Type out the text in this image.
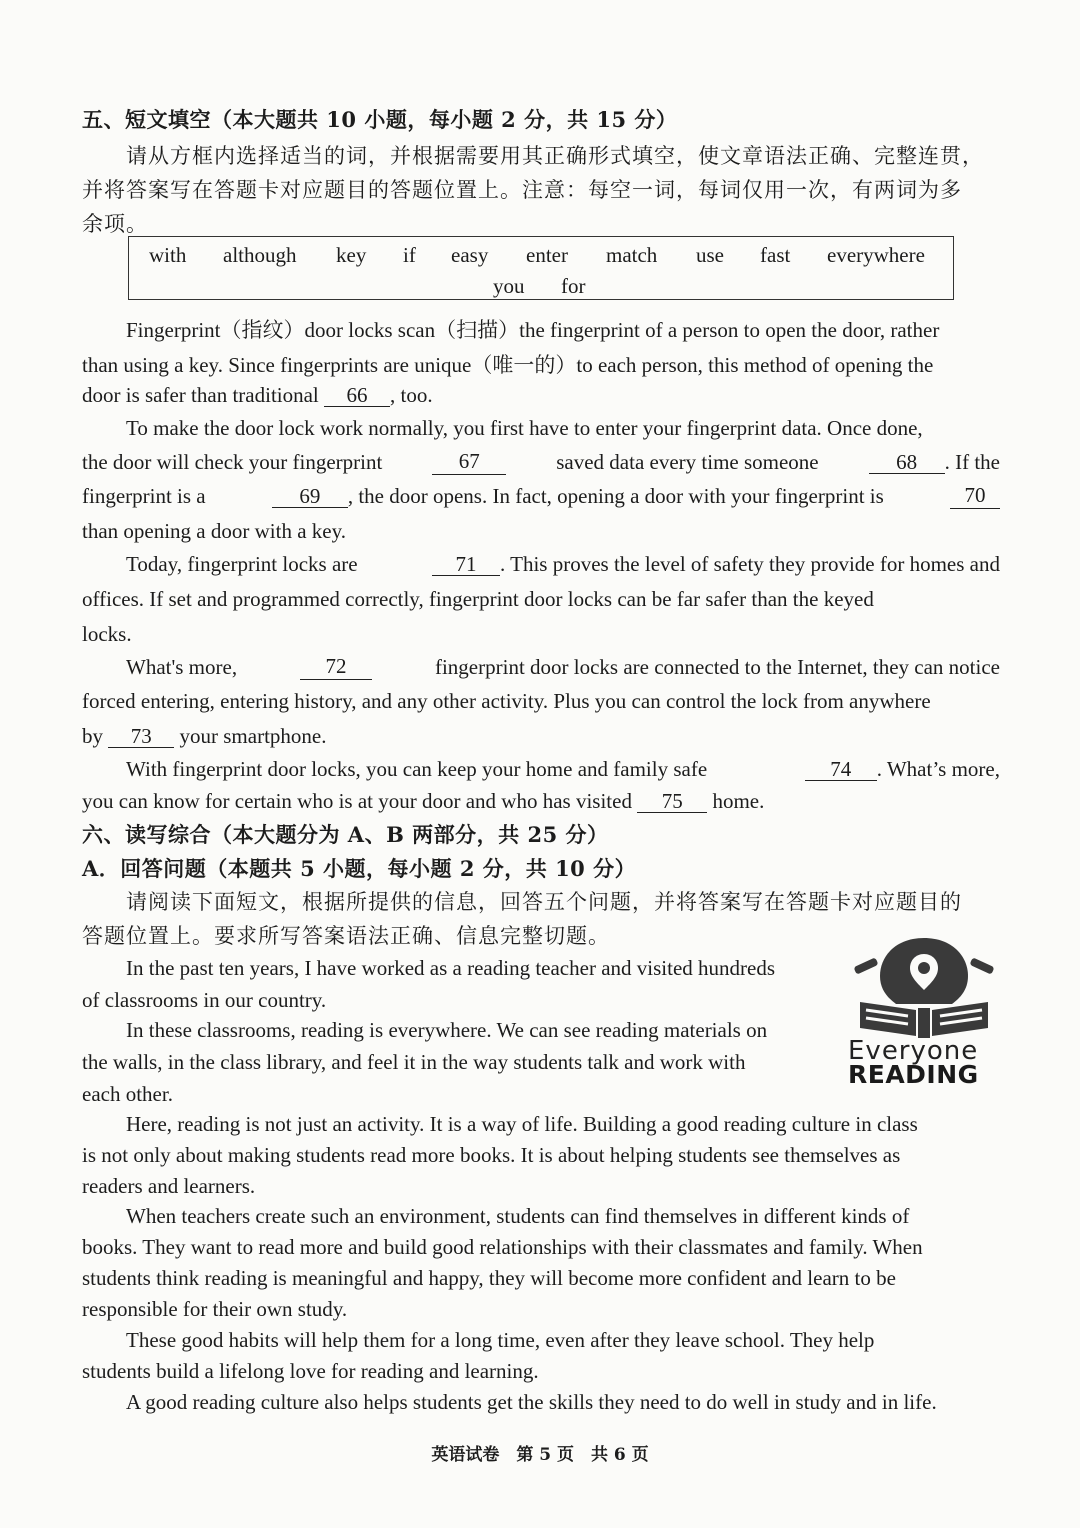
五、短文填空（本大题共 10 小题，每小题 2 分，共 15 分）
请从方框内选择适当的词，并根据需要用其正确形式填空，使文章语法正确、完整连贯，
并将答案写在答题卡对应题目的答题位置上。注意：每空一词，每词仅用一次，有两词为多
余项。
with although key if easy enter match use fast everywhere
you for
Fingerprint（指纹）door locks scan（扫描）the fingerprint of a person to open the door, rather
than using a key. Since fingerprints are unique（唯一的）to each person, this method of opening the
door is safer than traditional 66 , too.
To make the door lock work normally, you first have to enter your fingerprint data. Once done,
the door will check your fingerprint	67	saved data every time someone	68 . If the
fingerprint is a	69 , the door opens. In fact, opening a door with your fingerprint is	70
than opening a door with a key.
Today, fingerprint locks are	71 . This proves the level of safety they provide for homes and
offices. If set and programmed correctly, fingerprint door locks can be far safer than the keyed
locks.
What's more,	72	fingerprint door locks are connected to the Internet, they can notice
forced entering, entering history, and any other activity. Plus you can control the lock from anywhere
by 73 your smartphone.
With fingerprint door locks, you can keep your home and family safe	74 . What’s more,
you can know for certain who is at your door and who has visited 75 home.
六、读写综合（本大题分为 A、B 两部分，共 25 分）
A．回答问题（本题共 5 小题，每小题 2 分，共 10 分）
请阅读下面短文，根据所提供的信息，回答五个问题，并将答案写在答题卡对应题目的
答题位置上。要求所写答案语法正确、信息完整切题。
In the past ten years, I have worked as a reading teacher and visited hundreds
of classrooms in our country.
In these classrooms, reading is everywhere. We can see reading materials on
the walls, in the class library, and feel it in the way students talk and work with
each other.
Everyone
READING
Here, reading is not just an activity. It is a way of life. Building a good reading culture in class
is not only about making students read more books. It is about helping students see themselves as
readers and learners.
When teachers create such an environment, students can find themselves in different kinds of
books. They want to read more and build good relationships with their classmates and family. When
students think reading is meaningful and happy, they will become more confident and learn to be
responsible for their own study.
These good habits will help them for a long time, even after they leave school. They help
students build a lifelong love for reading and learning.
A good reading culture also helps students get the skills they need to do well in study and in life.
英语试卷　第 5 页　共 6 页
